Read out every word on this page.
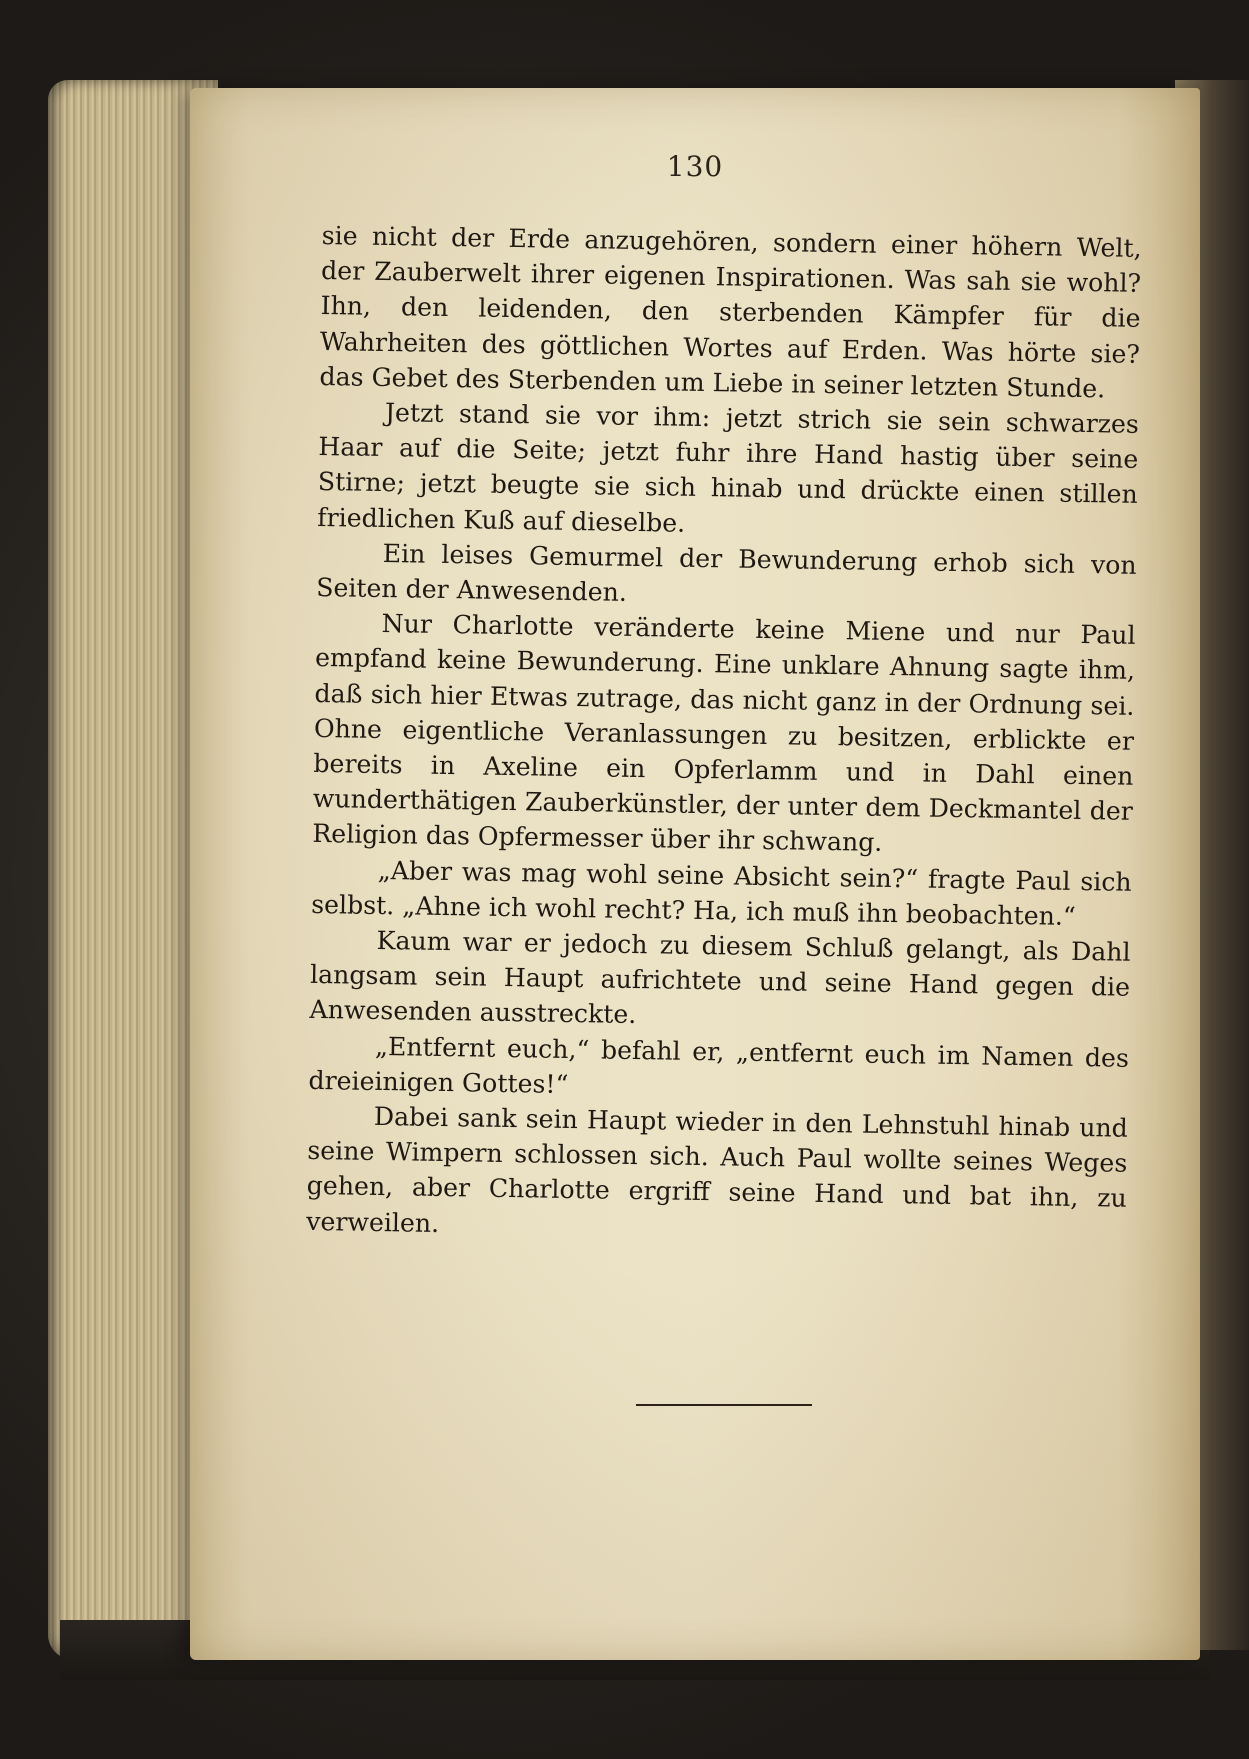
130

sie nicht der Erde anzugehören, sondern einer höhern Welt, der Zauberwelt ihrer eigenen Inspirationen. Was sah sie wohl? Ihn, den leidenden, den sterbenden Kämpfer für die Wahrheiten des göttlichen Wortes auf Erden. Was hörte sie? das Gebet des Sterbenden um Liebe in seiner letzten Stunde.

Jetzt stand sie vor ihm: jetzt strich sie sein schwarzes Haar auf die Seite; jetzt fuhr ihre Hand hastig über seine Stirne; jetzt beugte sie sich hinab und drückte einen stillen friedlichen Kuß auf dieselbe.

Ein leises Gemurmel der Bewunderung erhob sich von Seiten der Anwesenden.

Nur Charlotte veränderte keine Miene und nur Paul empfand keine Bewunderung. Eine unklare Ahnung sagte ihm, daß sich hier Etwas zutrage, das nicht ganz in der Ordnung sei. Ohne eigentliche Veranlassungen zu besitzen, erblickte er bereits in Axeline ein Opferlamm und in Dahl einen wunderthätigen Zauberkünstler, der unter dem Deckmantel der Religion das Opfermesser über ihr schwang.

„Aber was mag wohl seine Absicht sein?“ fragte Paul sich selbst. „Ahne ich wohl recht? Ha, ich muß ihn beobachten.“

Kaum war er jedoch zu diesem Schluß gelangt, als Dahl langsam sein Haupt aufrichtete und seine Hand gegen die Anwesenden ausstreckte.

„Entfernt euch,“ befahl er, „entfernt euch im Namen des dreieinigen Gottes!“

Dabei sank sein Haupt wieder in den Lehnstuhl hinab und seine Wimpern schlossen sich. Auch Paul wollte seines Weges gehen, aber Charlotte ergriff seine Hand und bat ihn, zu verweilen.
